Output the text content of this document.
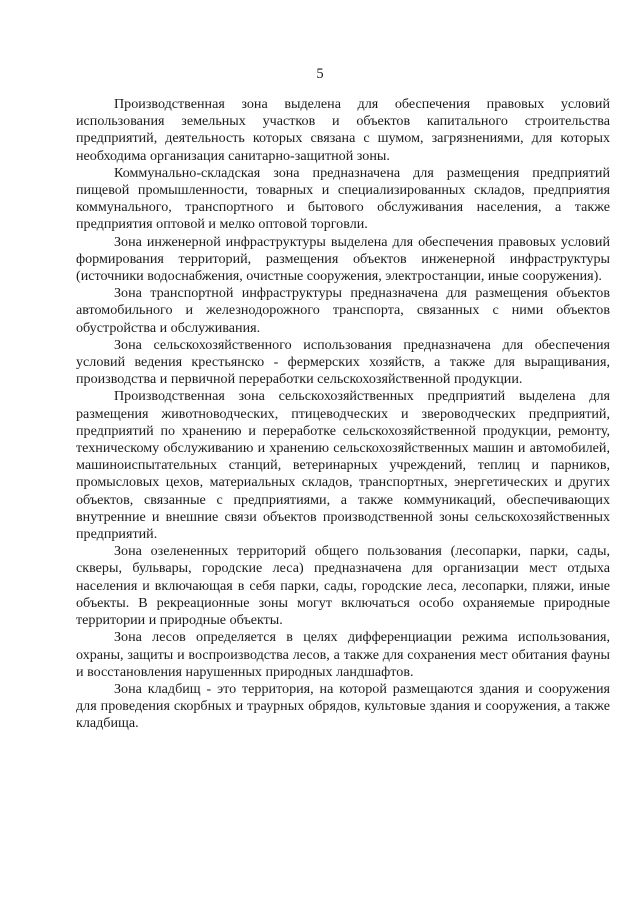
5

Производственная зона выделена для обеспечения правовых условий использования земельных участков и объектов капитального строительства предприятий, деятельность которых связана с шумом, загрязнениями, для которых необходима организация санитарно-защитной зоны.

Коммунально-складская зона предназначена для размещения предприятий пищевой промышленности, товарных и специализированных складов, предприятия коммунального, транспортного и бытового обслуживания населения, а также предприятия оптовой и мелко оптовой торговли.

Зона инженерной инфраструктуры выделена для обеспечения правовых условий формирования территорий, размещения объектов инженерной инфраструктуры (источники водоснабжения, очистные сооружения, электростанции, иные сооружения).

Зона транспортной инфраструктуры предназначена для размещения объектов автомобильного и железнодорожного транспорта, связанных с ними объектов обустройства и обслуживания.

Зона сельскохозяйственного использования предназначена для обеспечения условий ведения крестьянско - фермерских хозяйств, а также для выращивания, производства и первичной переработки сельскохозяйственной продукции.

Производственная зона сельскохозяйственных предприятий выделена для размещения животноводческих, птицеводческих и звероводческих предприятий, предприятий по хранению и переработке сельскохозяйственной продукции, ремонту, техническому обслуживанию и хранению сельскохозяйственных машин и автомобилей, машиноиспытательных станций, ветеринарных учреждений, теплиц и парников, промысловых цехов, материальных складов, транспортных, энергетических и других объектов, связанные с предприятиями, а также коммуникаций, обеспечивающих внутренние и внешние связи объектов производственной зоны сельскохозяйственных предприятий.

Зона озелененных территорий общего пользования (лесопарки, парки, сады, скверы, бульвары, городские леса) предназначена для организации мест отдыха населения и включающая в себя парки, сады, городские леса, лесопарки, пляжи, иные объекты. В рекреационные зоны могут включаться особо охраняемые природные территории и природные объекты.

Зона лесов определяется в целях дифференциации режима использования, охраны, защиты и воспроизводства лесов, а также для сохранения мест обитания фауны и восстановления нарушенных природных ландшафтов.

Зона кладбищ - это территория, на которой размещаются здания и сооружения для проведения скорбных и траурных обрядов, культовые здания и сооружения, а также кладбища.
